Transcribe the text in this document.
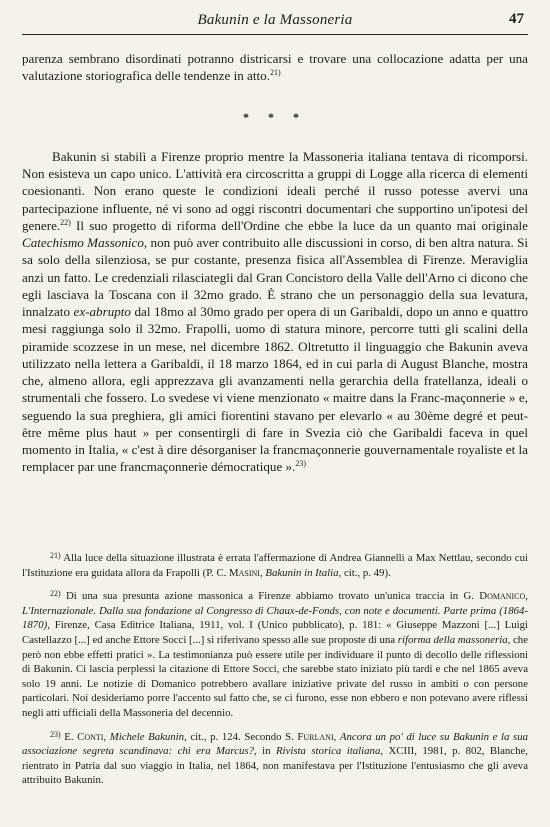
Bakunin e la Massoneria	47

parenza sembrano disordinati potranno districarsi e trovare una collocazione adatta per una valutazione storiografica delle tendenze in atto.$^{21)}$

* * *

Bakunin si stabilì a Firenze proprio mentre la Massoneria italiana tentava di ricomporsi. Non esisteva un capo unico. L'attività era circoscritta a gruppi di Logge alla ricerca di elementi coesionanti. Non erano queste le condizioni ideali perché il russo potesse avervi una partecipazione influente, né vi sono ad oggi riscontri documentari che supportino un'ipotesi del genere.$^{22)}$ Il suo progetto di riforma dell'Ordine che ebbe la luce da un quanto mai originale Catechismo Massonico, non può aver contribuito alle discussioni in corso, di ben altra natura. Si sa solo della silenziosa, se pur costante, presenza fisica all'Assemblea di Firenze. Meraviglia anzi un fatto. Le credenziali rilasciategli dal Gran Concistoro della Valle dell'Arno ci dicono che egli lasciava la Toscana con il 32mo grado. È strano che un personaggio della sua levatura, innalzato ex-abrupto dal 18mo al 30mo grado per opera di un Garibaldi, dopo un anno e quattro mesi raggiunga solo il 32mo. Frapolli, uomo di statura minore, percorre tutti gli scalini della piramide scozzese in un mese, nel dicembre 1862. Oltretutto il linguaggio che Bakunin aveva utilizzato nella lettera a Garibaldi, il 18 marzo 1864, ed in cui parla di August Blanche, mostra che, almeno allora, egli apprezzava gli avanzamenti nella gerarchia della fratellanza, ideali o strumentali che fossero. Lo svedese vi viene menzionato « maitre dans la Franc-maçonnerie » e, seguendo la sua preghiera, gli amici fiorentini stavano per elevarlo « au 30ème degré et peut-être même plus haut » per consentirgli di fare in Svezia ciò che Garibaldi faceva in quel momento in Italia, « c'est à dire désorganiser la francmaçonnerie gouvernamentale royaliste et la remplacer par une francmaçonnerie démocratique ».$^{23)}$

$^{21)}$ Alla luce della situazione illustrata è errata l'affermazione di Andrea Giannelli a Max Nettlau, secondo cui l'Istituzione era guidata allora da Frapolli (P. C. Masini, Bakunin in Italia, cit., p. 49).

$^{22)}$ Di una sua presunta azione massonica a Firenze abbiamo trovato un'unica traccia in G. Domanico, L'Internazionale. Dalla sua fondazione al Congresso di Chaux-de-Fonds, con note e documenti. Parte prima (1864-1870), Firenze, Casa Editrice Italiana, 1911, vol. I (Unico pubblicato), p. 181: « Giuseppe Mazzoni [...] Luigi Castellazzo [...] ed anche Ettore Socci [...] si riferivano spesso alle sue proposte di una riforma della massoneria, che però non ebbe effetti pratici ». La testimonianza può essere utile per individuare il punto di decollo delle riflessioni di Bakunin. Ci lascia perplessi la citazione di Ettore Socci, che sarebbe stato iniziato più tardi e che nel 1865 aveva solo 19 anni. Le notizie di Domanico potrebbero avallare iniziative private del russo in ambiti o con persone particolari. Noi desideriamo porre l'accento sul fatto che, se ci furono, esse non ebbero e non potevano avere riflessi negli atti ufficiali della Massoneria del decennio.

$^{23)}$ E. Conti, Michele Bakunin, cit., p. 124. Secondo S. Furlani, Ancora un po' di luce su Bakunin e la sua associazione segreta scandinava: chi era Marcus?, in Rivista storica italiana, XCIII, 1981, p. 802, Blanche, rientrato in Patria dal suo viaggio in Italia, nel 1864, non manifestava per l'Istituzione l'entusiasmo che gli aveva attribuito Bakunin.
